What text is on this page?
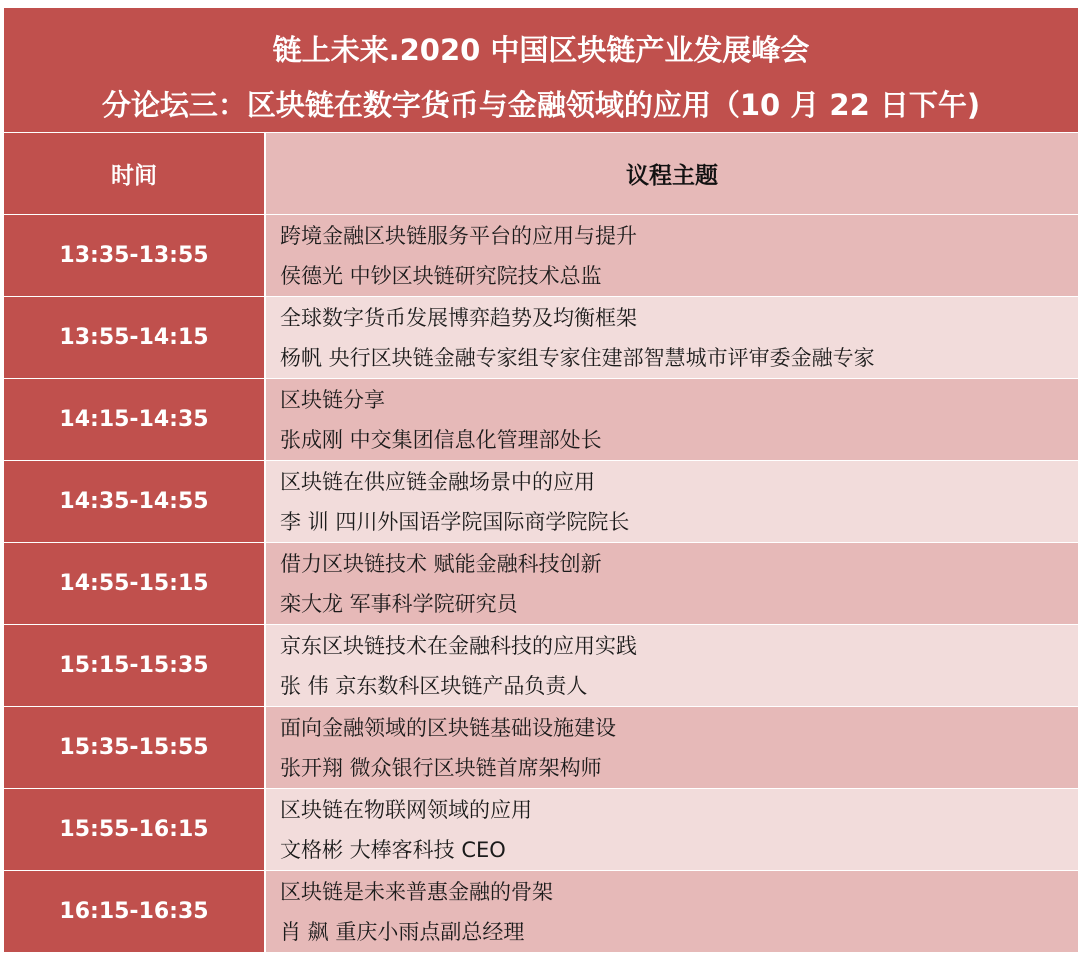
链上未来.2020 中国区块链产业发展峰会
分论坛三：区块链在数字货币与金融领域的应用（10 月 22 日下午)
时间	议程主题
13:35-13:55
跨境金融区块链服务平台的应用与提升
侯德光 中钞区块链研究院技术总监
13:55-14:15
全球数字货币发展博弈趋势及均衡框架
杨帆 央行区块链金融专家组专家住建部智慧城市评审委金融专家
14:15-14:35
区块链分享
张成刚 中交集团信息化管理部处长
14:35-14:55
区块链在供应链金融场景中的应用
李 训 四川外国语学院国际商学院院长
14:55-15:15
借力区块链技术 赋能金融科技创新
栾大龙 军事科学院研究员
15:15-15:35
京东区块链技术在金融科技的应用实践
张 伟 京东数科区块链产品负责人
15:35-15:55
面向金融领域的区块链基础设施建设
张开翔 微众银行区块链首席架构师
15:55-16:15
区块链在物联网领域的应用
文格彬 大棒客科技 CEO
16:15-16:35
区块链是未来普惠金融的骨架
肖 飙 重庆小雨点副总经理
